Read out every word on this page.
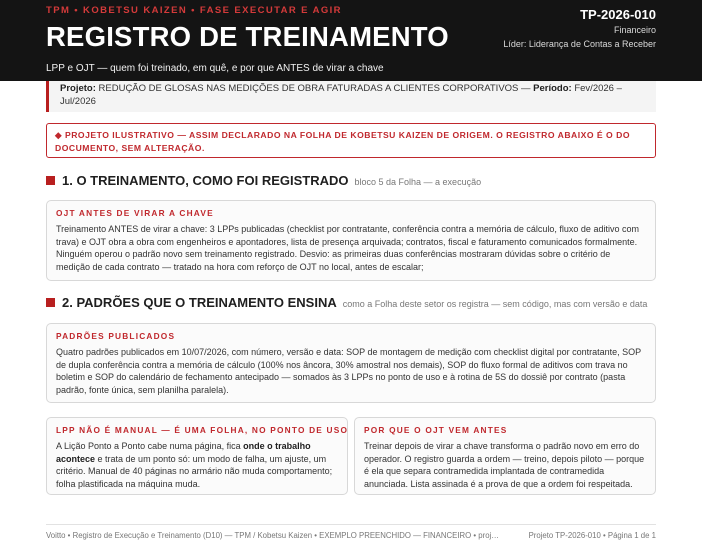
TPM • KOBETSU KAIZEN • FASE EXECUTAR E AGIR
REGISTRO DE TREINAMENTO
TP-2026-010
Financeiro
Líder: Liderança de Contas a Receber
LPP e OJT — quem foi treinado, em quê, e por que ANTES de virar a chave
Projeto: REDUÇÃO DE GLOSAS NAS MEDIÇÕES DE OBRA FATURADAS A CLIENTES CORPORATIVOS — Período: Fev/2026 – Jul/2026
◆ PROJETO ILUSTRATIVO — ASSIM DECLARADO NA FOLHA DE KOBETSU KAIZEN DE ORIGEM. O REGISTRO ABAIXO É O DO DOCUMENTO, SEM ALTERAÇÃO.
1. O TREINAMENTO, COMO FOI REGISTRADO bloco 5 da Folha — a execução
OJT ANTES DE VIRAR A CHAVE
Treinamento ANTES de virar a chave: 3 LPPs publicadas (checklist por contratante, conferência contra a memória de cálculo, fluxo de aditivo com trava) e OJT obra a obra com engenheiros e apontadores, lista de presença arquivada; contratos, fiscal e faturamento comunicados formalmente. Ninguém operou o padrão novo sem treinamento registrado. Desvio: as primeiras duas conferências mostraram dúvidas sobre o critério de medição de cada contrato — tratado na hora com reforço de OJT no local, antes de escalar;
2. PADRÕES QUE O TREINAMENTO ENSINA como a Folha deste setor os registra — sem código, mas com versão e data
PADRÕES PUBLICADOS
Quatro padrões publicados em 10/07/2026, com número, versão e data: SOP de montagem de medição com checklist digital por contratante, SOP de dupla conferência contra a memória de cálculo (100% nos âncora, 30% amostral nos demais), SOP do fluxo formal de aditivos com trava no boletim e SOP do calendário de fechamento antecipado — somados às 3 LPPs no ponto de uso e à rotina de 5S do dossiê por contrato (pasta padrão, fonte única, sem planilha paralela).
LPP NÃO É MANUAL — É UMA FOLHA, NO PONTO DE USO
A Lição Ponto a Ponto cabe numa página, fica onde o trabalho acontece e trata de um ponto só: um modo de falha, um ajuste, um critério. Manual de 40 páginas no armário não muda comportamento; folha plastificada na máquina muda.
POR QUE O OJT VEM ANTES
Treinar depois de virar a chave transforma o padrão novo em erro do operador. O registro guarda a ordem — treino, depois piloto — porque é ela que separa contramedida implantada de contramedida anunciada. Lista assinada é a prova de que a ordem foi respeitada.
Voitto • Registro de Execução e Treinamento (D10) — TPM / Kobetsu Kaizen • EXEMPLO PREENCHIDO — FINANCEIRO • proj…	Projeto TP-2026-010 • Página 1 de 1
